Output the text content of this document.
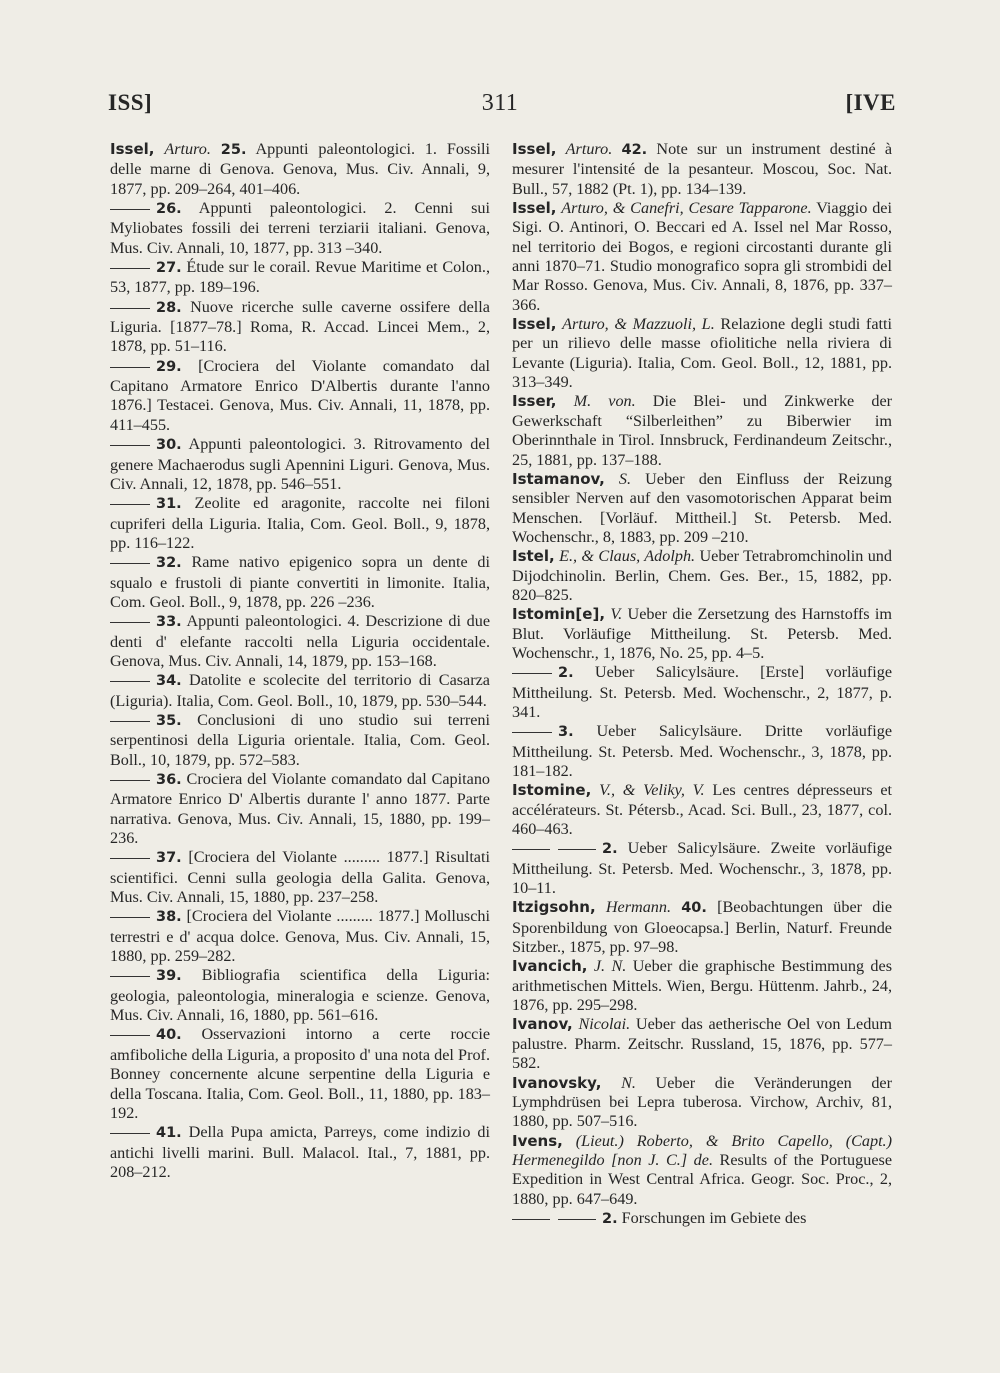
ISS]	311	[IVE

Issel, Arturo. 25. Appunti paleontologici. 1. Fossili delle marne di Genova. Genova, Mus. Civ. Annali, 9, 1877, pp. 209–264, 401–406.

26. Appunti paleontologici. 2. Cenni sui Myliobates fossili dei terreni terziarii italiani. Genova, Mus. Civ. Annali, 10, 1877, pp. 313 –340.

27. Étude sur le corail. Revue Maritime et Colon., 53, 1877, pp. 189–196.

28. Nuove ricerche sulle caverne ossifere della Liguria. [1877–78.] Roma, R. Accad. Lincei Mem., 2, 1878, pp. 51–116.

29. [Crociera del Violante comandato dal Capitano Armatore Enrico D'Albertis durante l'anno 1876.] Testacei. Genova, Mus. Civ. Annali, 11, 1878, pp. 411–455.

30. Appunti paleontologici. 3. Ritrovamento del genere Machaerodus sugli Apennini Liguri. Genova, Mus. Civ. Annali, 12, 1878, pp. 546–551.

31. Zeolite ed aragonite, raccolte nei filoni cupriferi della Liguria. Italia, Com. Geol. Boll., 9, 1878, pp. 116–122.

32. Rame nativo epigenico sopra un dente di squalo e frustoli di piante convertiti in limonite. Italia, Com. Geol. Boll., 9, 1878, pp. 226 –236.

33. Appunti paleontologici. 4. Descrizione di due denti d' elefante raccolti nella Liguria occidentale. Genova, Mus. Civ. Annali, 14, 1879, pp. 153–168.

34. Datolite e scolecite del territorio di Casarza (Liguria). Italia, Com. Geol. Boll., 10, 1879, pp. 530–544.

35. Conclusioni di uno studio sui terreni serpentinosi della Liguria orientale. Italia, Com. Geol. Boll., 10, 1879, pp. 572–583.

36. Crociera del Violante comandato dal Capitano Armatore Enrico D' Albertis durante l' anno 1877. Parte narrativa. Genova, Mus. Civ. Annali, 15, 1880, pp. 199–236.

37. [Crociera del Violante ......... 1877.] Risultati scientifici. Cenni sulla geologia della Galita. Genova, Mus. Civ. Annali, 15, 1880, pp. 237–258.

38. [Crociera del Violante ......... 1877.] Molluschi terrestri e d' acqua dolce. Genova, Mus. Civ. Annali, 15, 1880, pp. 259–282.

39. Bibliografia scientifica della Liguria: geologia, paleontologia, mineralogia e scienze. Genova, Mus. Civ. Annali, 16, 1880, pp. 561–616.

40. Osservazioni intorno a certe roccie amfiboliche della Liguria, a proposito d' una nota del Prof. Bonney concernente alcune serpentine della Liguria e della Toscana. Italia, Com. Geol. Boll., 11, 1880, pp. 183–192.

41. Della Pupa amicta, Parreys, come indizio di antichi livelli marini. Bull. Malacol. Ital., 7, 1881, pp. 208–212.

Issel, Arturo. 42. Note sur un instrument destiné à mesurer l'intensité de la pesanteur. Moscou, Soc. Nat. Bull., 57, 1882 (Pt. 1), pp. 134–139.

Issel, Arturo, & Canefri, Cesare Tapparone. Viaggio dei Sigi. O. Antinori, O. Beccari ed A. Issel nel Mar Rosso, nel territorio dei Bogos, e regioni circostanti durante gli anni 1870–71. Studio monografico sopra gli strombidi del Mar Rosso. Genova, Mus. Civ. Annali, 8, 1876, pp. 337–366.

Issel, Arturo, & Mazzuoli, L. Relazione degli studi fatti per un rilievo delle masse ofiolitiche nella riviera di Levante (Liguria). Italia, Com. Geol. Boll., 12, 1881, pp. 313–349.

Isser, M. von. Die Blei- und Zinkwerke der Gewerkschaft “Silberleithen” zu Biberwier im Oberinnthale in Tirol. Innsbruck, Ferdinandeum Zeitschr., 25, 1881, pp. 137–188.

Istamanov, S. Ueber den Einfluss der Reizung sensibler Nerven auf den vasomotorischen Apparat beim Menschen. [Vorläuf. Mittheil.] St. Petersb. Med. Wochenschr., 8, 1883, pp. 209 –210.

Istel, E., & Claus, Adolph. Ueber Tetrabromchinolin und Dijodchinolin. Berlin, Chem. Ges. Ber., 15, 1882, pp. 820–825.

Istomin[e], V. Ueber die Zersetzung des Harnstoffs im Blut. Vorläufige Mittheilung. St. Petersb. Med. Wochenschr., 1, 1876, No. 25, pp. 4–5.

2. Ueber Salicylsäure. [Erste] vorläufige Mittheilung. St. Petersb. Med. Wochenschr., 2, 1877, p. 341.

3. Ueber Salicylsäure. Dritte vorläufige Mittheilung. St. Petersb. Med. Wochenschr., 3, 1878, pp. 181–182.

Istomine, V., & Veliky, V. Les centres dépresseurs et accélérateurs. St. Pétersb., Acad. Sci. Bull., 23, 1877, col. 460–463.

2. Ueber Salicylsäure. Zweite vorläufige Mittheilung. St. Petersb. Med. Wochenschr., 3, 1878, pp. 10–11.

Itzigsohn, Hermann. 40. [Beobachtungen über die Sporenbildung von Gloeocapsa.] Berlin, Naturf. Freunde Sitzber., 1875, pp. 97–98.

Ivancich, J. N. Ueber die graphische Bestimmung des arithmetischen Mittels. Wien, Bergu. Hüttenm. Jahrb., 24, 1876, pp. 295–298.

Ivanov, Nicolai. Ueber das aetherische Oel von Ledum palustre. Pharm. Zeitschr. Russland, 15, 1876, pp. 577–582.

Ivanovsky, N. Ueber die Veränderungen der Lymphdrüsen bei Lepra tuberosa. Virchow, Archiv, 81, 1880, pp. 507–516.

Ivens, (Lieut.) Roberto, & Brito Capello, (Capt.) Hermenegildo [non J. C.] de. Results of the Portuguese Expedition in West Central Africa. Geogr. Soc. Proc., 2, 1880, pp. 647–649.

2. Forschungen im Gebiete des
